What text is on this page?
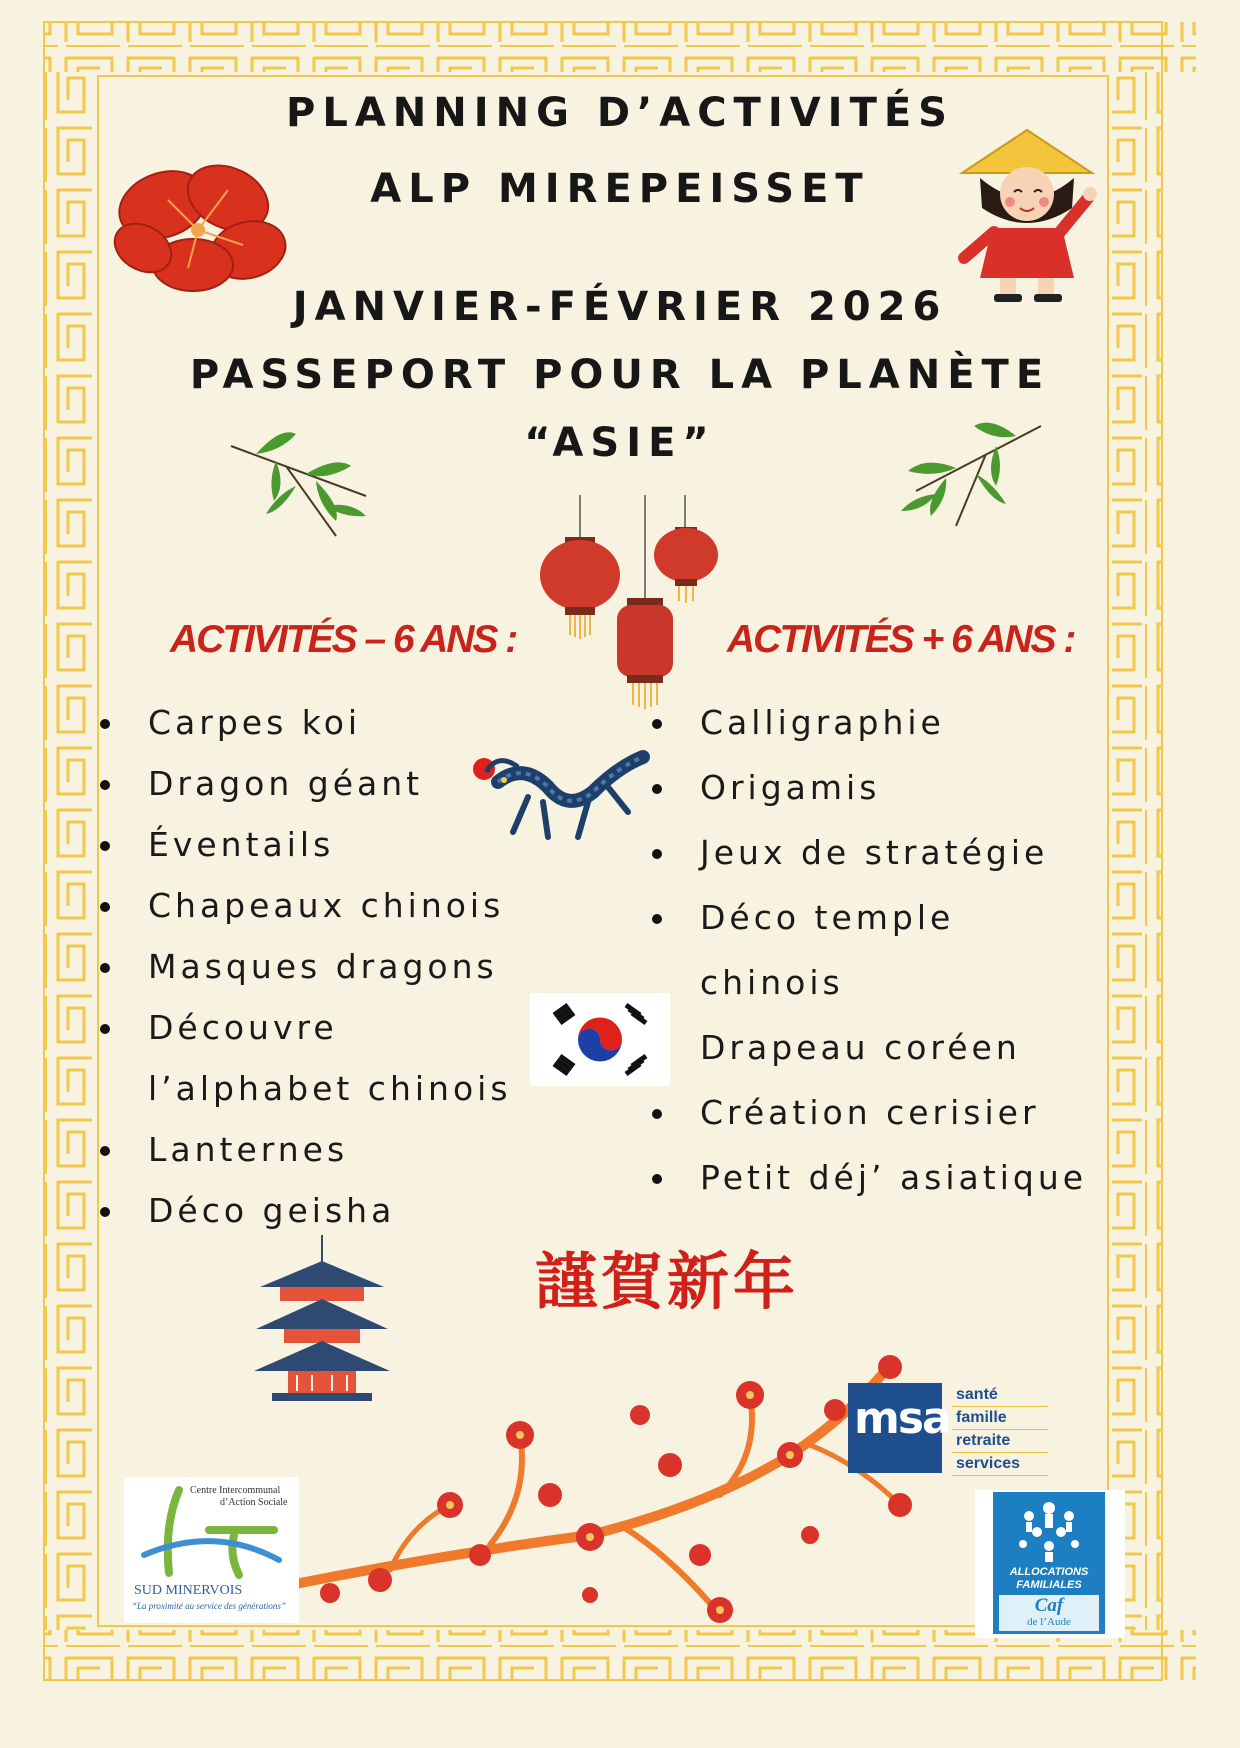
PLANNING D’ACTIVITÉS
ALP MIREPEISSET
JANVIER-FÉVRIER 2026
PASSEPORT POUR LA PLANÈTE
“ASIE”
ACTIVITÉS – 6 ANS :	ACTIVITÉS + 6 ANS :
Carpes koi
Dragon géant
Éventails
Chapeaux chinois
Masques dragons
Découvre
l’alphabet chinois
Lanternes
Déco geisha
Calligraphie
Origamis
Jeux de stratégie
Déco temple
chinois
Drapeau coréen
Création cerisier
Petit déj’ asiatique
謹賀新年
msa santé
famille
retraite
services
Centre Intercommunal
d’Action Sociale
SUD MINERVOIS
“La proximité au service des générations”
ALLOCATIONS
FAMILIALES
Caf
de l’Aude
